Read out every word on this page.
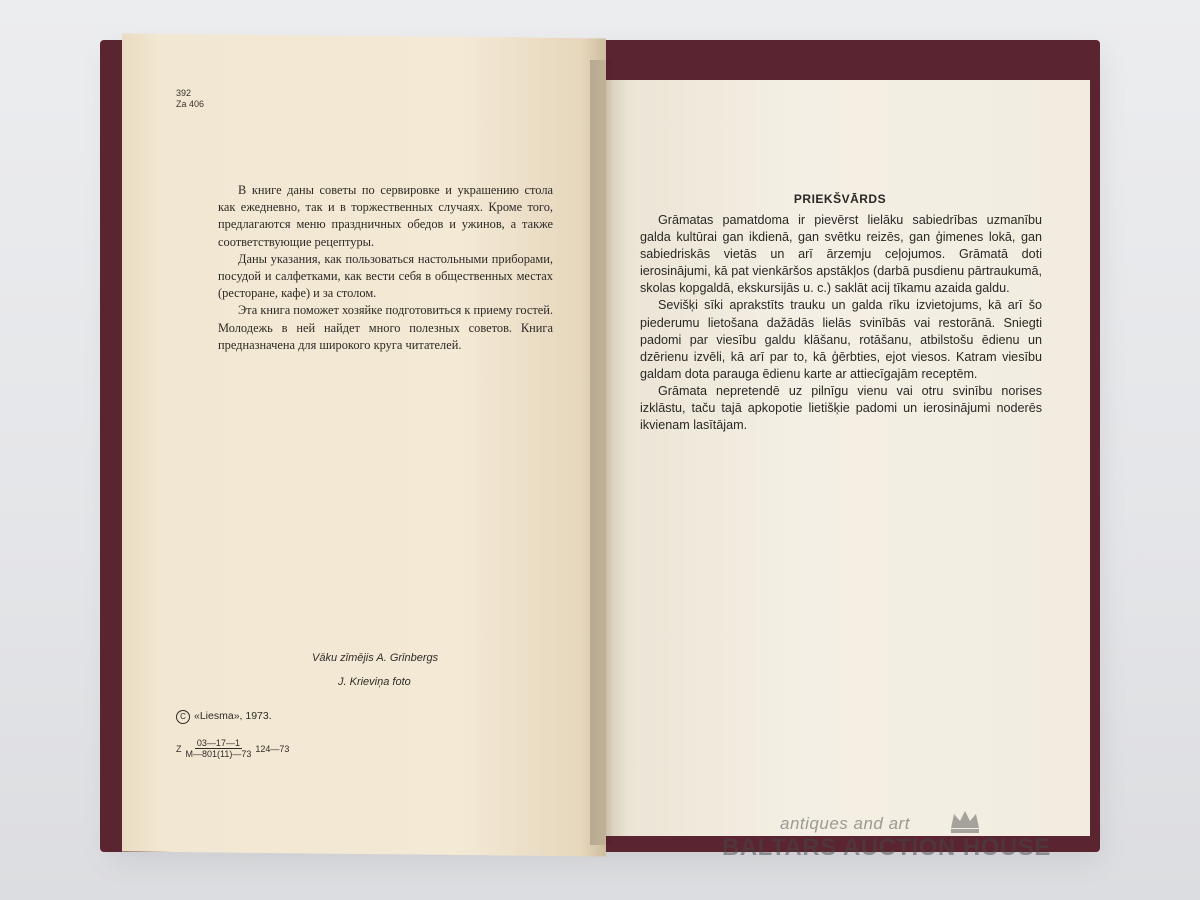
392
Za 406

В книге даны советы по сервировке и украшению стола как ежедневно, так и в торжественных случаях. Кроме того, предлагаются меню праздничных обедов и ужинов, а также соответствующие рецептуры.

Даны указания, как пользоваться настольными приборами, посудой и салфетками, как вести себя в общественных местах (ресторане, кафе) и за столом.

Эта книга поможет хозяйке подготовиться к приему гостей. Молодежь в ней найдет много полезных советов. Книга предназначена для широкого круга читателей.

Vāku zīmējis A. Grīnbergs
J. Krieviņa foto
C «Liesma», 1973.
Z $\frac{03—17—1}{M—801(11)—73}$ 124—73
PRIEKŠVĀRDS

Grāmatas pamatdoma ir pievērst lielāku sabiedrības uzmanību galda kultūrai gan ikdienā, gan svētku reizēs, gan ģimenes lokā, gan sabiedriskās vietās un arī ārzemju ceļojumos. Grāmatā doti ierosinājumi, kā pat vienkāršos apstākļos (darbā pusdienu pārtraukumā, skolas kopgaldā, ekskursijās u. c.) saklāt acij tīkamu azaida galdu.

Sevišķi sīki aprakstīts trauku un galda rīku izvietojums, kā arī šo piederumu lietošana dažādās lielās svinībās vai restorānā. Sniegti padomi par viesību galdu klāšanu, rotāšanu, atbilstošu ēdienu un dzērienu izvēli, kā arī par to, kā ģērbties, ejot viesos. Katram viesību galdam dota parauga ēdienu karte ar attiecīgajām receptēm.

Grāmata nepretendē uz pilnīgu vienu vai otru svinību norises izklāstu, taču tajā apkopotie lietišķie padomi un ierosinājumi noderēs ikvienam lasītājam.

antiques and art
BALTARS AUCTION HOUSE
